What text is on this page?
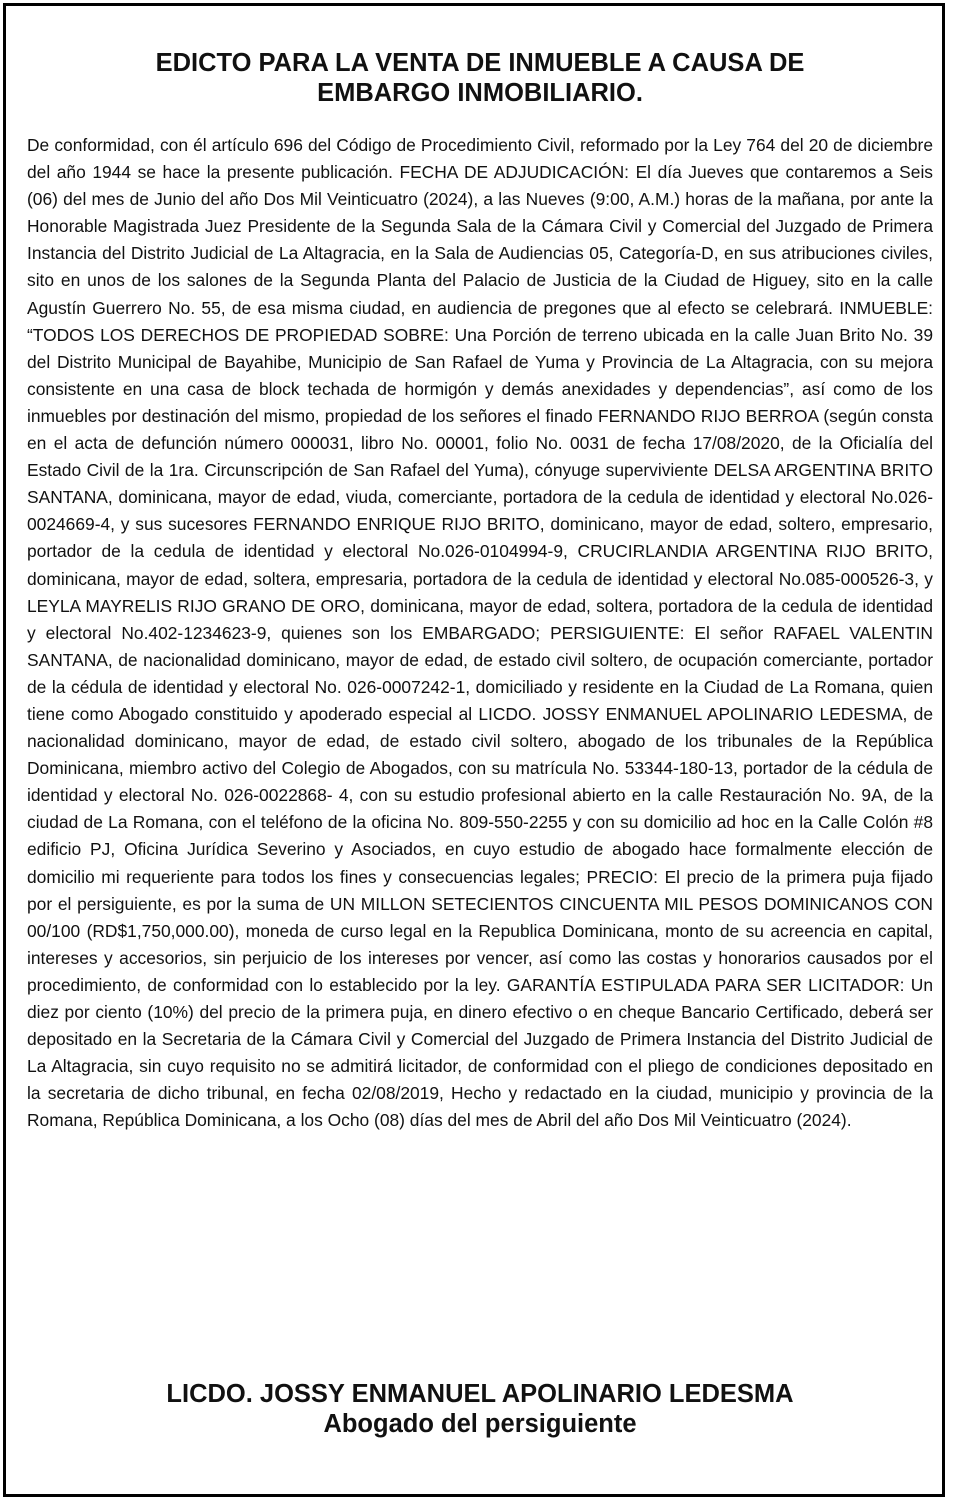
EDICTO PARA LA VENTA DE INMUEBLE A CAUSA DE
EMBARGO INMOBILIARIO.

De conformidad, con él artículo 696 del Código de Procedimiento Civil, reformado por la Ley 764 del 20 de diciembre del año 1944 se hace la presente publicación. FECHA DE ADJUDICACIÓN: El día Jueves que contaremos a Seis (06) del mes de Junio del año Dos Mil Veinticuatro (2024), a las Nueves (9:00, A.M.) horas de la mañana, por ante la Honorable Magistrada Juez Presidente de la Segunda Sala de la Cámara Civil y Comercial del Juzgado de Primera Instancia del Distrito Judicial de La Altagracia, en la Sala de Audiencias 05, Categoría-D, en sus atribuciones civiles, sito en unos de los salones de la Segunda Planta del Palacio de Justicia de la Ciudad de Higuey, sito en la calle Agustín Guerrero No. 55, de esa misma ciudad, en audiencia de pregones que al efecto se celebrará. INMUEBLE: “TODOS LOS DERECHOS DE PROPIEDAD SOBRE: Una Porción de terreno ubicada en la calle Juan Brito No. 39 del Distrito Municipal de Bayahibe, Municipio de San Rafael de Yuma y Provincia de La Altagracia, con su mejora consistente en una casa de block techada de hormigón y demás anexidades y dependencias”, así como de los inmuebles por destinación del mismo, propiedad de los señores el finado FERNANDO RIJO BERROA (según consta en el acta de defunción número 000031, libro No. 00001, folio No. 0031 de fecha 17/08/2020, de la Oficialía del Estado Civil de la 1ra. Circunscripción de San Rafael del Yuma), cónyuge superviviente DELSA ARGENTINA BRITO SANTANA, dominicana, mayor de edad, viuda, comerciante, portadora de la cedula de identidad y electoral No.026-0024669-4, y sus sucesores FERNANDO ENRIQUE RIJO BRITO, dominicano, mayor de edad, soltero, empresario, portador de la cedula de identidad y electoral No.026-0104994-9, CRUCIRLANDIA ARGENTINA RIJO BRITO, dominicana, mayor de edad, soltera, empresaria, portadora de la cedula de identidad y electoral No.085-000526-3, y LEYLA MAYRELIS RIJO GRANO DE ORO, dominicana, mayor de edad, soltera, portadora de la cedula de identidad y electoral No.402-1234623-9, quienes son los EMBARGADO; PERSIGUIENTE: El señor RAFAEL VALENTIN SANTANA, de nacionalidad dominicano, mayor de edad, de estado civil soltero, de ocupación comerciante, portador de la cédula de identidad y electoral No. 026-0007242-1, domiciliado y residente en la Ciudad de La Romana, quien tiene como Abogado constituido y apoderado especial al LICDO. JOSSY ENMANUEL APOLINARIO LEDESMA, de nacionalidad dominicano, mayor de edad, de estado civil soltero, abogado de los tribunales de la República Dominicana, miembro activo del Colegio de Abogados, con su matrícula No. 53344-180-13, portador de la cédula de identidad y electoral No. 026-0022868- 4, con su estudio profesional abierto en la calle Restauración No. 9A, de la ciudad de La Romana, con el teléfono de la oficina No. 809-550-2255 y con su domicilio ad hoc en la Calle Colón #8 edificio PJ, Oficina Jurídica Severino y Asociados, en cuyo estudio de abogado hace formalmente elección de domicilio mi requeriente para todos los fines y consecuencias legales; PRECIO: El precio de la primera puja fijado por el persiguiente, es por la suma de UN MILLON SETECIENTOS CINCUENTA MIL PESOS DOMINICANOS CON 00/100 (RD$1,750,000.00), moneda de curso legal en la Republica Dominicana, monto de su acreencia en capital, intereses y accesorios, sin perjuicio de los intereses por vencer, así como las costas y honorarios causados por el procedimiento, de conformidad con lo establecido por la ley. GARANTÍA ESTIPULADA PARA SER LICITADOR: Un diez por ciento (10%) del precio de la primera puja, en dinero efectivo o en cheque Bancario Certificado, deberá ser depositado en la Secretaria de la Cámara Civil y Comercial del Juzgado de Primera Instancia del Distrito Judicial de La Altagracia, sin cuyo requisito no se admitirá licitador, de conformidad con el pliego de condiciones depositado en la secretaria de dicho tribunal, en fecha 02/08/2019, Hecho y redactado en la ciudad, municipio y provincia de la Romana, República Dominicana, a los Ocho (08) días del mes de Abril del año Dos Mil Veinticuatro (2024).

LICDO. JOSSY ENMANUEL APOLINARIO LEDESMA
Abogado del persiguiente
